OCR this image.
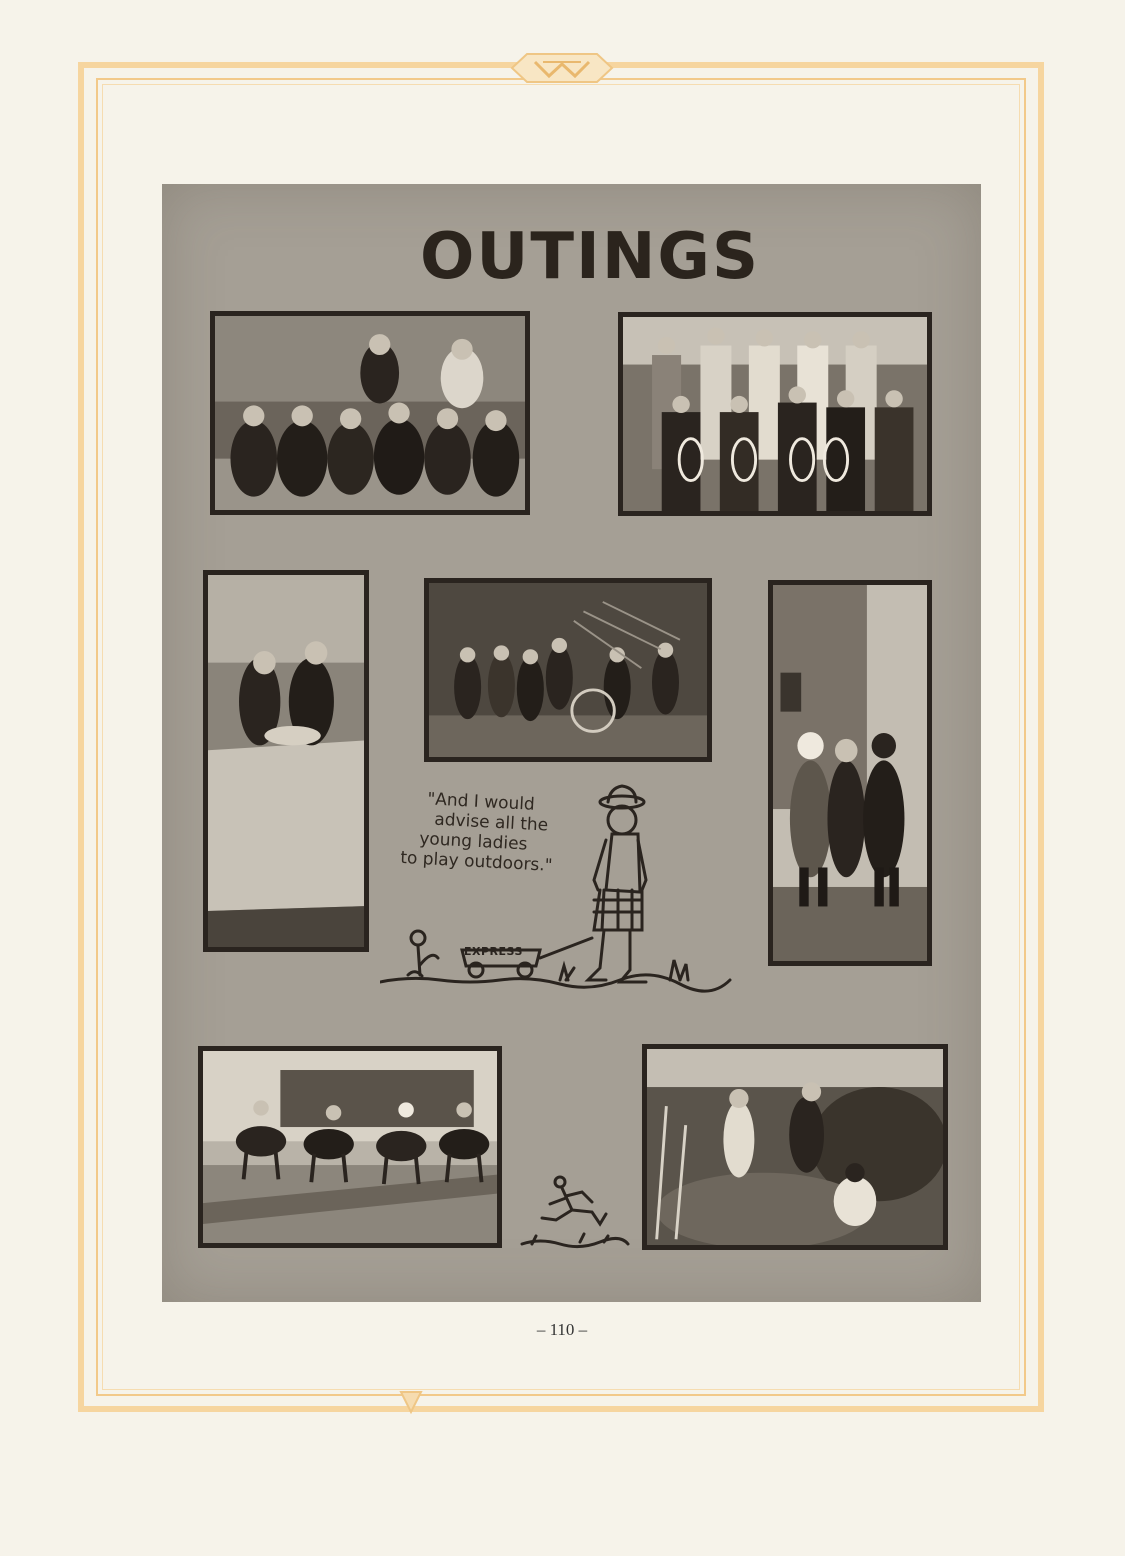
OUTINGS
"And I would
advise all the
young ladies
to play outdoors."
EXPRESS
– 110 –
